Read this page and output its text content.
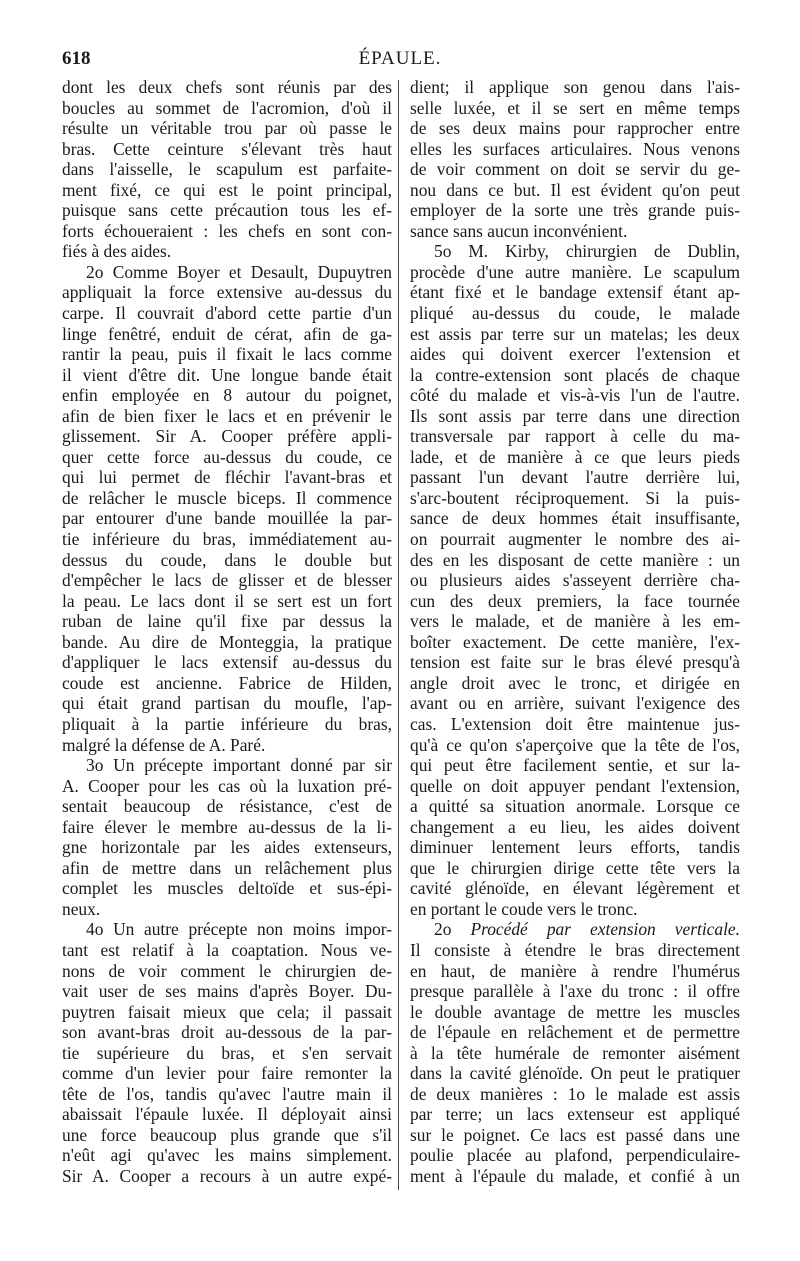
618	ÉPAULE.
dont les deux chefs sont réunis par des
boucles au sommet de l'acromion, d'où il
résulte un véritable trou par où passe le
bras. Cette ceinture s'élevant très haut
dans l'aisselle, le scapulum est parfaite-
ment fixé, ce qui est le point principal,
puisque sans cette précaution tous les ef-
forts échoueraient : les chefs en sont con-
fiés à des aides.
2o Comme Boyer et Desault, Dupuytren
appliquait la force extensive au-dessus du
carpe. Il couvrait d'abord cette partie d'un
linge fenêtré, enduit de cérat, afin de ga-
rantir la peau, puis il fixait le lacs comme
il vient d'être dit. Une longue bande était
enfin employée en 8 autour du poignet,
afin de bien fixer le lacs et en prévenir le
glissement. Sir A. Cooper préfère appli-
quer cette force au-dessus du coude, ce
qui lui permet de fléchir l'avant-bras et
de relâcher le muscle biceps. Il commence
par entourer d'une bande mouillée la par-
tie inférieure du bras, immédiatement au-
dessus du coude, dans le double but
d'empêcher le lacs de glisser et de blesser
la peau. Le lacs dont il se sert est un fort
ruban de laine qu'il fixe par dessus la
bande. Au dire de Monteggia, la pratique
d'appliquer le lacs extensif au-dessus du
coude est ancienne. Fabrice de Hilden,
qui était grand partisan du moufle, l'ap-
pliquait à la partie inférieure du bras,
malgré la défense de A. Paré.
3o Un précepte important donné par sir
A. Cooper pour les cas où la luxation pré-
sentait beaucoup de résistance, c'est de
faire élever le membre au-dessus de la li-
gne horizontale par les aides extenseurs,
afin de mettre dans un relâchement plus
complet les muscles deltoïde et sus-épi-
neux.
4o Un autre précepte non moins impor-
tant est relatif à la coaptation. Nous ve-
nons de voir comment le chirurgien de-
vait user de ses mains d'après Boyer. Du-
puytren faisait mieux que cela; il passait
son avant-bras droit au-dessous de la par-
tie supérieure du bras, et s'en servait
comme d'un levier pour faire remonter la
tête de l'os, tandis qu'avec l'autre main il
abaissait l'épaule luxée. Il déployait ainsi
une force beaucoup plus grande que s'il
n'eût agi qu'avec les mains simplement.
Sir A. Cooper a recours à un autre expé-
dient; il applique son genou dans l'ais-
selle luxée, et il se sert en même temps
de ses deux mains pour rapprocher entre
elles les surfaces articulaires. Nous venons
de voir comment on doit se servir du ge-
nou dans ce but. Il est évident qu'on peut
employer de la sorte une très grande puis-
sance sans aucun inconvénient.
5o M. Kirby, chirurgien de Dublin,
procède d'une autre manière. Le scapulum
étant fixé et le bandage extensif étant ap-
pliqué au-dessus du coude, le malade
est assis par terre sur un matelas; les deux
aides qui doivent exercer l'extension et
la contre-extension sont placés de chaque
côté du malade et vis-à-vis l'un de l'autre.
Ils sont assis par terre dans une direction
transversale par rapport à celle du ma-
lade, et de manière à ce que leurs pieds
passant l'un devant l'autre derrière lui,
s'arc-boutent réciproquement. Si la puis-
sance de deux hommes était insuffisante,
on pourrait augmenter le nombre des ai-
des en les disposant de cette manière : un
ou plusieurs aides s'asseyent derrière cha-
cun des deux premiers, la face tournée
vers le malade, et de manière à les em-
boîter exactement. De cette manière, l'ex-
tension est faite sur le bras élevé presqu'à
angle droit avec le tronc, et dirigée en
avant ou en arrière, suivant l'exigence des
cas. L'extension doit être maintenue jus-
qu'à ce qu'on s'aperçoive que la tête de l'os,
qui peut être facilement sentie, et sur la-
quelle on doit appuyer pendant l'extension,
a quitté sa situation anormale. Lorsque ce
changement a eu lieu, les aides doivent
diminuer lentement leurs efforts, tandis
que le chirurgien dirige cette tête vers la
cavité glénoïde, en élevant légèrement et
en portant le coude vers le tronc.
2o Procédé par extension verticale.
Il consiste à étendre le bras directement
en haut, de manière à rendre l'humérus
presque parallèle à l'axe du tronc : il offre
le double avantage de mettre les muscles
de l'épaule en relâchement et de permettre
à la tête humérale de remonter aisément
dans la cavité glénoïde. On peut le pratiquer
de deux manières : 1o le malade est assis
par terre; un lacs extenseur est appliqué
sur le poignet. Ce lacs est passé dans une
poulie placée au plafond, perpendiculaire-
ment à l'épaule du malade, et confié à un
